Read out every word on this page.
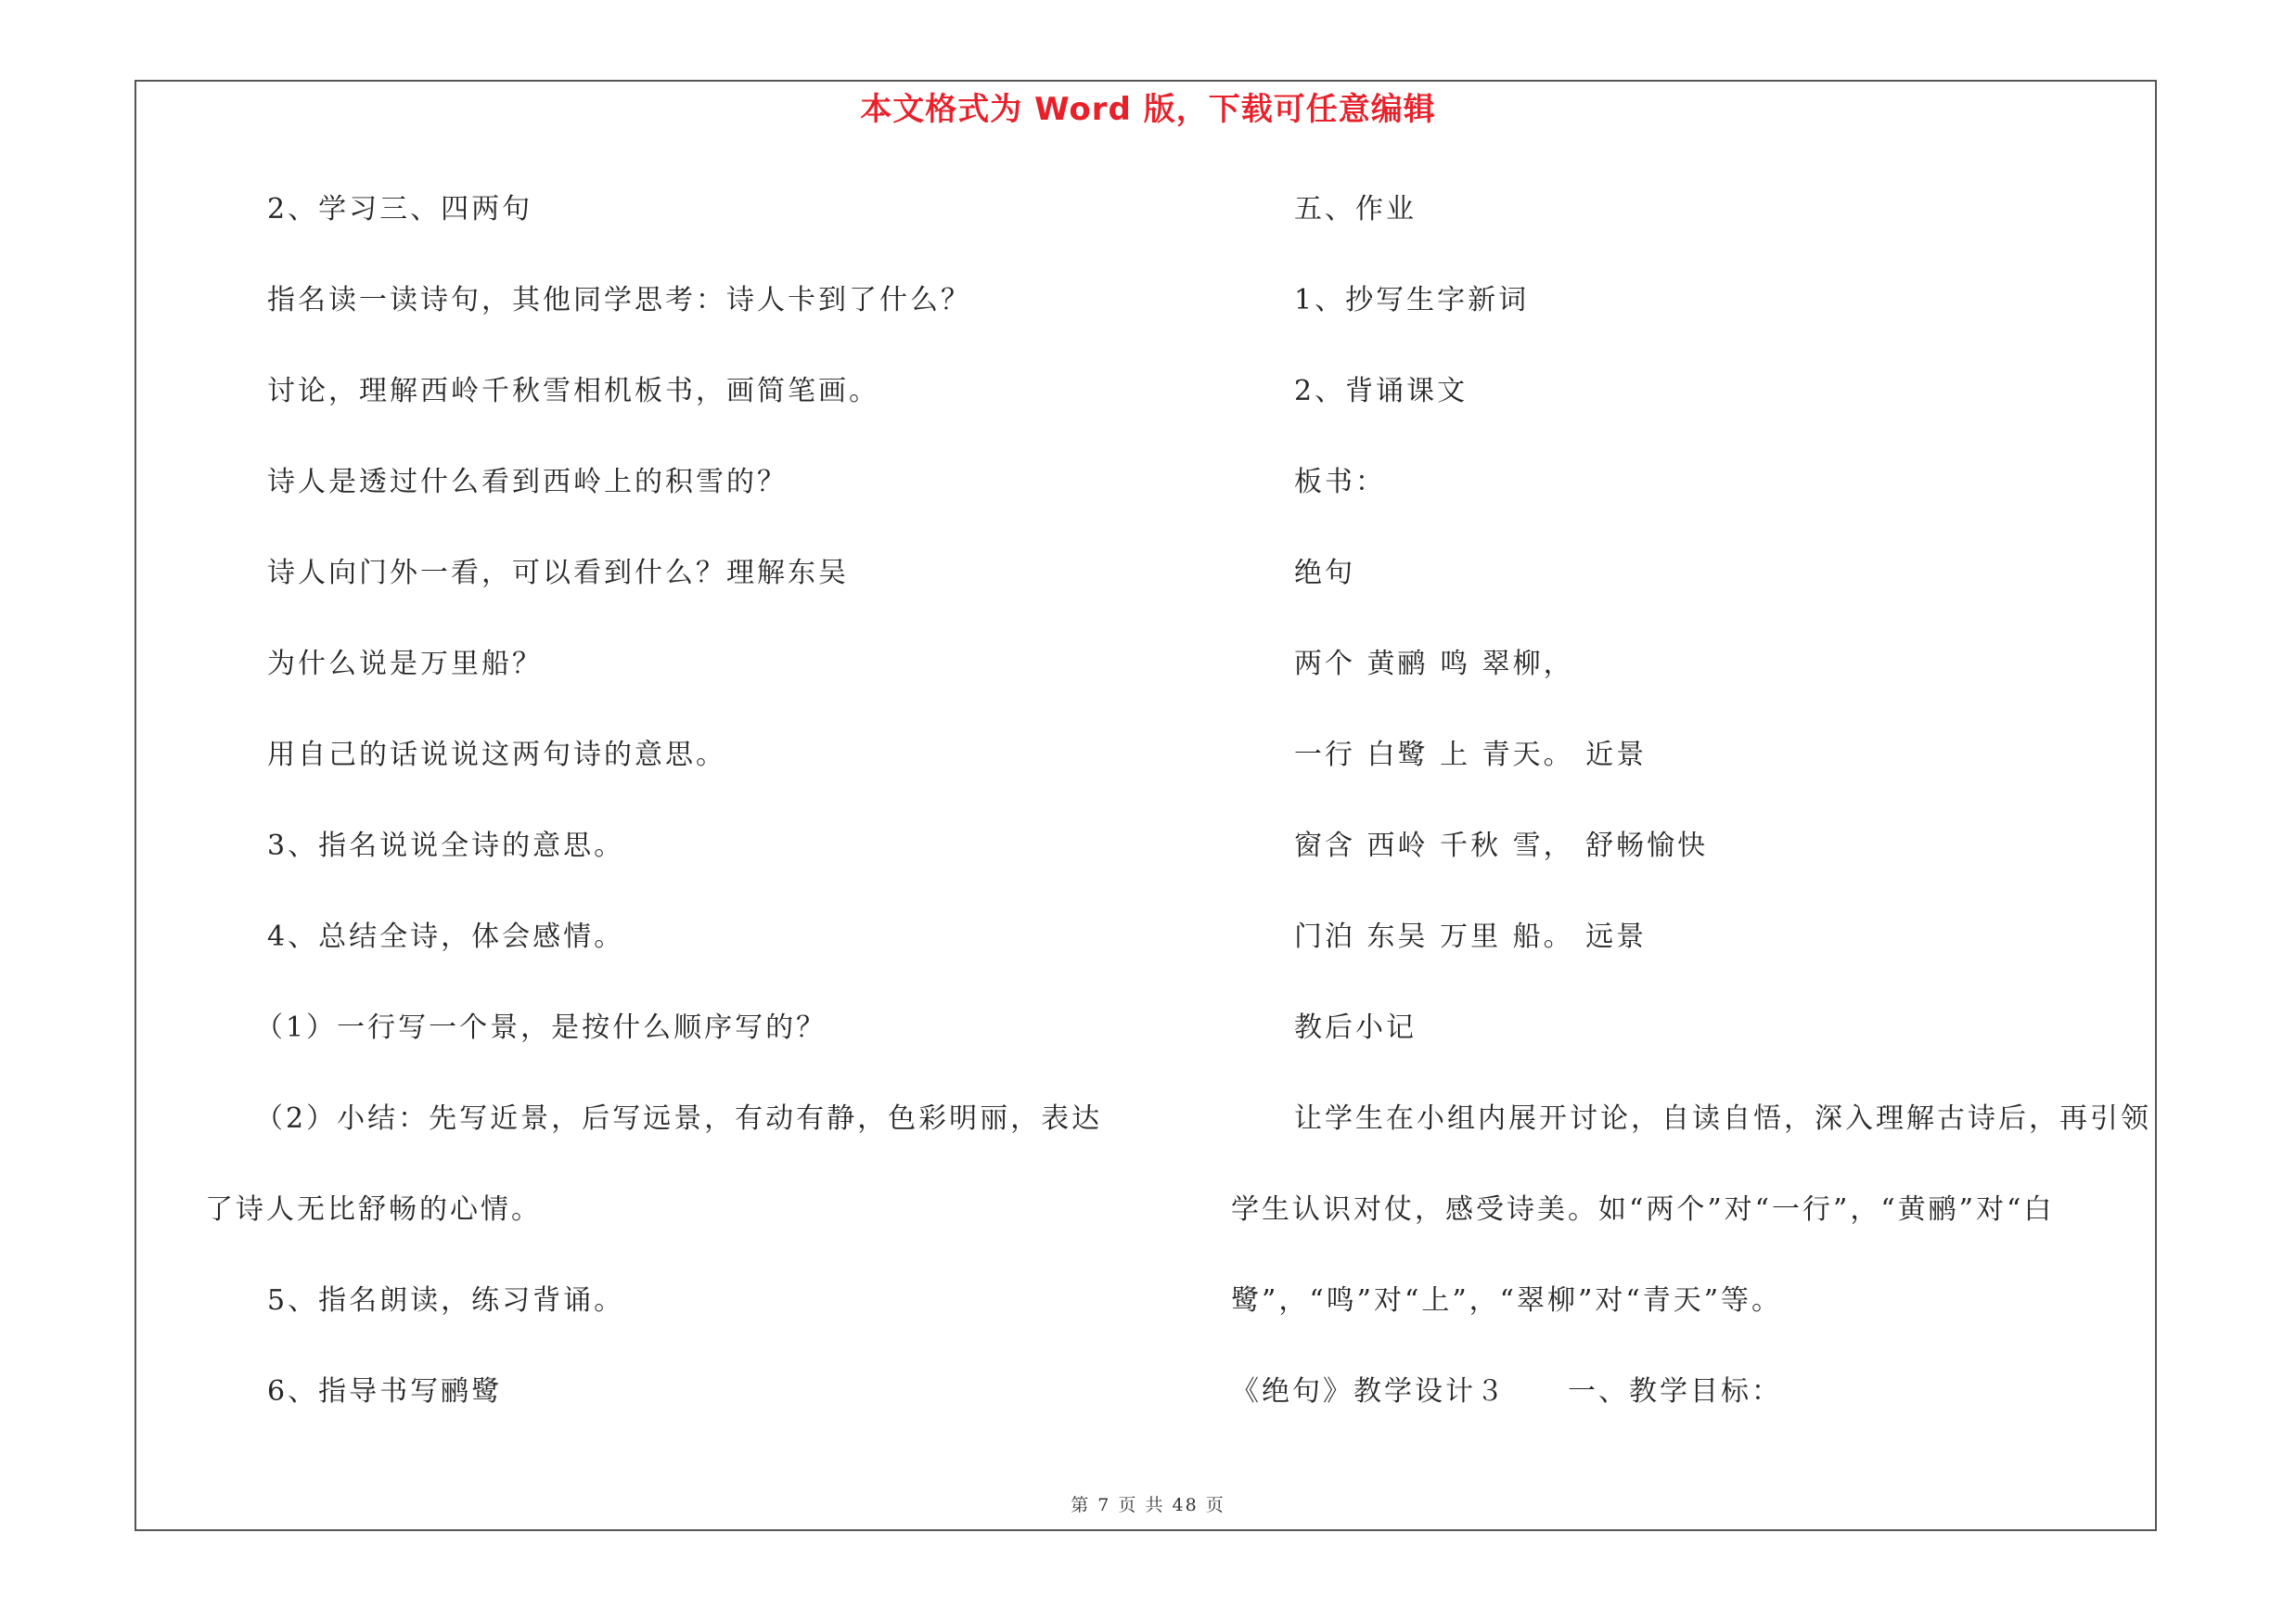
本文格式为 Word 版，下载可任意编辑
2、学习三、四两句
指名读一读诗句，其他同学思考：诗人卡到了什么？
讨论，理解西岭千秋雪相机板书，画简笔画。
诗人是透过什么看到西岭上的积雪的？
诗人向门外一看，可以看到什么？理解东吴
为什么说是万里船？
用自己的话说说这两句诗的意思。
3、指名说说全诗的意思。
4、总结全诗，体会感情。
（1）一行写一个景，是按什么顺序写的？
（2）小结：先写近景，后写远景，有动有静，色彩明丽，表达
了诗人无比舒畅的心情。
5、指名朗读，练习背诵。
6、指导书写鹂鹭
五、作业
1、抄写生字新词
2、背诵课文
板书：
绝句
两个 黄鹂 鸣 翠柳，
一行 白鹭 上 青天。 近景
窗含 西岭 千秋 雪， 舒畅愉快
门泊 东吴 万里 船。 远景
教后小记
让学生在小组内展开讨论，自读自悟，深入理解古诗后，再引领
学生认识对仗，感受诗美。如“两个”对“一行”，“黄鹂”对“白
鹭”，“鸣”对“上”，“翠柳”对“青天”等。
《绝句》教学设计３　　一、教学目标：
第 7 页 共 48 页
